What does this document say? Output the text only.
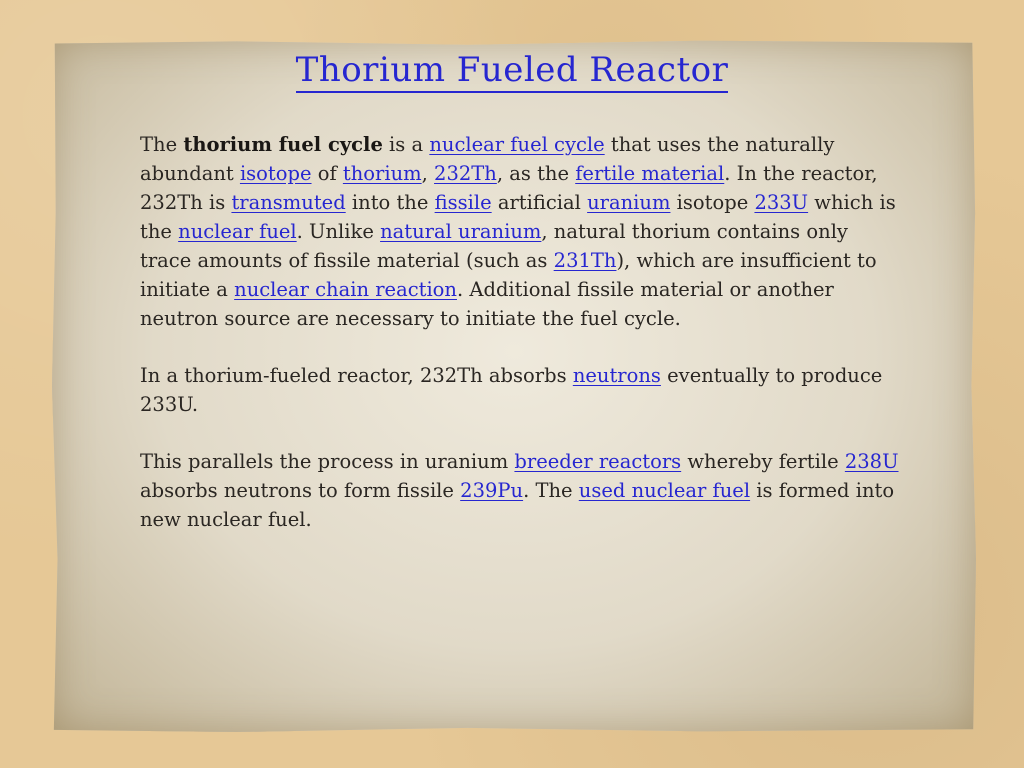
Thorium Fueled Reactor

The thorium fuel cycle is a nuclear fuel cycle that uses the naturally abundant isotope of thorium, 232Th, as the fertile material. In the reactor, 232Th is transmuted into the fissile artificial uranium isotope 233U which is the nuclear fuel. Unlike natural uranium, natural thorium contains only trace amounts of fissile material (such as 231Th), which are insufficient to initiate a nuclear chain reaction. Additional fissile material or another neutron source are necessary to initiate the fuel cycle.

In a thorium-fueled reactor, 232Th absorbs neutrons eventually to produce 233U.

This parallels the process in uranium breeder reactors whereby fertile 238U absorbs neutrons to form fissile 239Pu. The used nuclear fuel is formed into new nuclear fuel.
